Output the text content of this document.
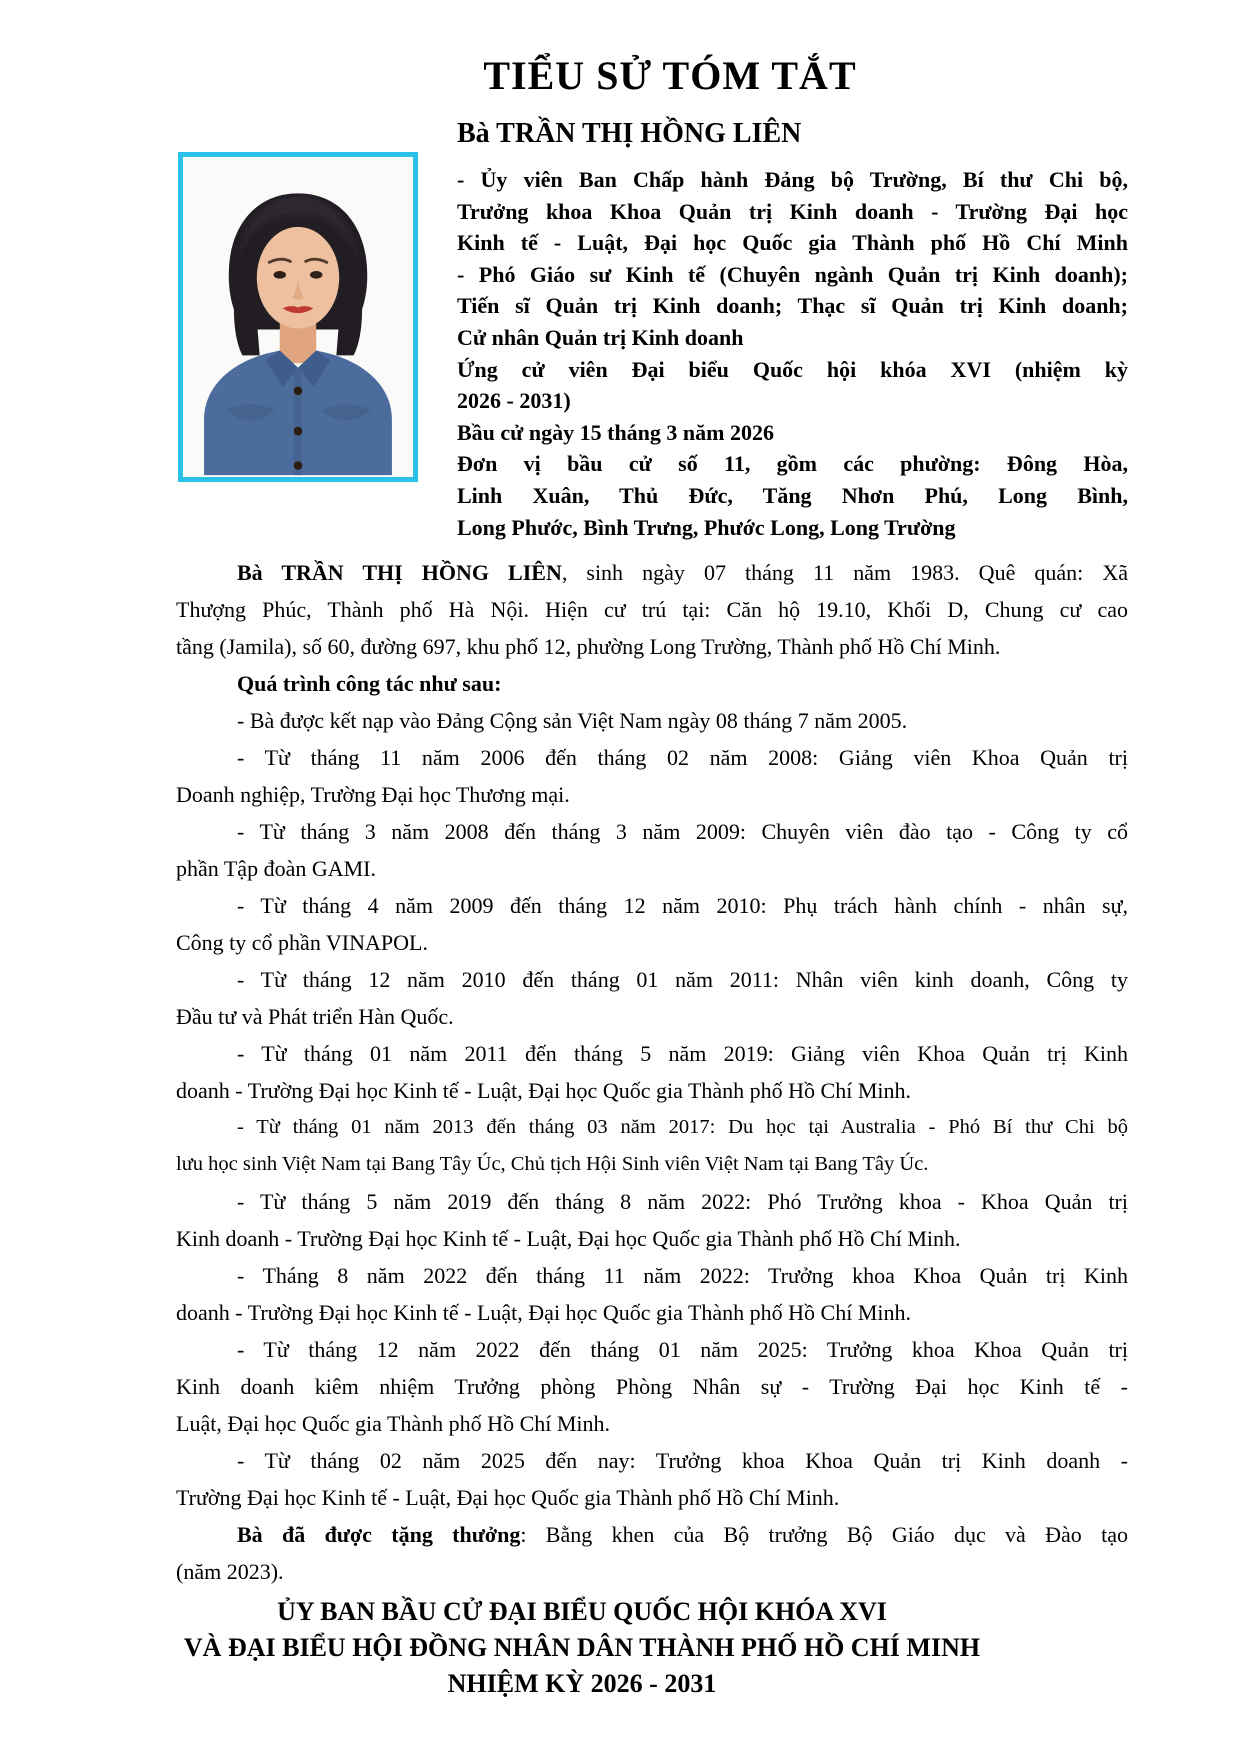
TIỂU SỬ TÓM TẮT
Bà TRẦN THỊ HỒNG LIÊN
- Ủy viên Ban Chấp hành Đảng bộ Trường, Bí thư Chi bộ,
Trưởng khoa Khoa Quản trị Kinh doanh - Trường Đại học
Kinh tế - Luật, Đại học Quốc gia Thành phố Hồ Chí Minh
- Phó Giáo sư Kinh tế (Chuyên ngành Quản trị Kinh doanh);
Tiến sĩ Quản trị Kinh doanh; Thạc sĩ Quản trị Kinh doanh;
Cử nhân Quản trị Kinh doanh
Ứng cử viên Đại biểu Quốc hội khóa XVI (nhiệm kỳ
2026 - 2031)
Bầu cử ngày 15 tháng 3 năm 2026
Đơn vị bầu cử số 11, gồm các phường: Đông Hòa,
Linh Xuân, Thủ Đức, Tăng Nhơn Phú, Long Bình,
Long Phước, Bình Trưng, Phước Long, Long Trường
Bà TRẦN THỊ HỒNG LIÊN, sinh ngày 07 tháng 11 năm 1983. Quê quán: Xã
Thượng Phúc, Thành phố Hà Nội. Hiện cư trú tại: Căn hộ 19.10, Khối D, Chung cư cao
tầng (Jamila), số 60, đường 697, khu phố 12, phường Long Trường, Thành phố Hồ Chí Minh.
Quá trình công tác như sau:
- Bà được kết nạp vào Đảng Cộng sản Việt Nam ngày 08 tháng 7 năm 2005.
- Từ tháng 11 năm 2006 đến tháng 02 năm 2008: Giảng viên Khoa Quản trị
Doanh nghiệp, Trường Đại học Thương mại.
- Từ tháng 3 năm 2008 đến tháng 3 năm 2009: Chuyên viên đào tạo - Công ty cổ
phần Tập đoàn GAMI.
- Từ tháng 4 năm 2009 đến tháng 12 năm 2010: Phụ trách hành chính - nhân sự,
Công ty cổ phần VINAPOL.
- Từ tháng 12 năm 2010 đến tháng 01 năm 2011: Nhân viên kinh doanh, Công ty
Đầu tư và Phát triển Hàn Quốc.
- Từ tháng 01 năm 2011 đến tháng 5 năm 2019: Giảng viên Khoa Quản trị Kinh
doanh - Trường Đại học Kinh tế - Luật, Đại học Quốc gia Thành phố Hồ Chí Minh.
- Từ tháng 01 năm 2013 đến tháng 03 năm 2017: Du học tại Australia - Phó Bí thư Chi bộ
lưu học sinh Việt Nam tại Bang Tây Úc, Chủ tịch Hội Sinh viên Việt Nam tại Bang Tây Úc.
- Từ tháng 5 năm 2019 đến tháng 8 năm 2022: Phó Trưởng khoa - Khoa Quản trị
Kinh doanh - Trường Đại học Kinh tế - Luật, Đại học Quốc gia Thành phố Hồ Chí Minh.
- Tháng 8 năm 2022 đến tháng 11 năm 2022: Trưởng khoa Khoa Quản trị Kinh
doanh - Trường Đại học Kinh tế - Luật, Đại học Quốc gia Thành phố Hồ Chí Minh.
- Từ tháng 12 năm 2022 đến tháng 01 năm 2025: Trưởng khoa Khoa Quản trị
Kinh doanh kiêm nhiệm Trưởng phòng Phòng Nhân sự - Trường Đại học Kinh tế -
Luật, Đại học Quốc gia Thành phố Hồ Chí Minh.
- Từ tháng 02 năm 2025 đến nay: Trưởng khoa Khoa Quản trị Kinh doanh -
Trường Đại học Kinh tế - Luật, Đại học Quốc gia Thành phố Hồ Chí Minh.
Bà đã được tặng thưởng: Bằng khen của Bộ trưởng Bộ Giáo dục và Đào tạo
(năm 2023).
ỦY BAN BẦU CỬ ĐẠI BIỂU QUỐC HỘI KHÓA XVI
VÀ ĐẠI BIỂU HỘI ĐỒNG NHÂN DÂN THÀNH PHỐ HỒ CHÍ MINH
NHIỆM KỲ 2026 - 2031
